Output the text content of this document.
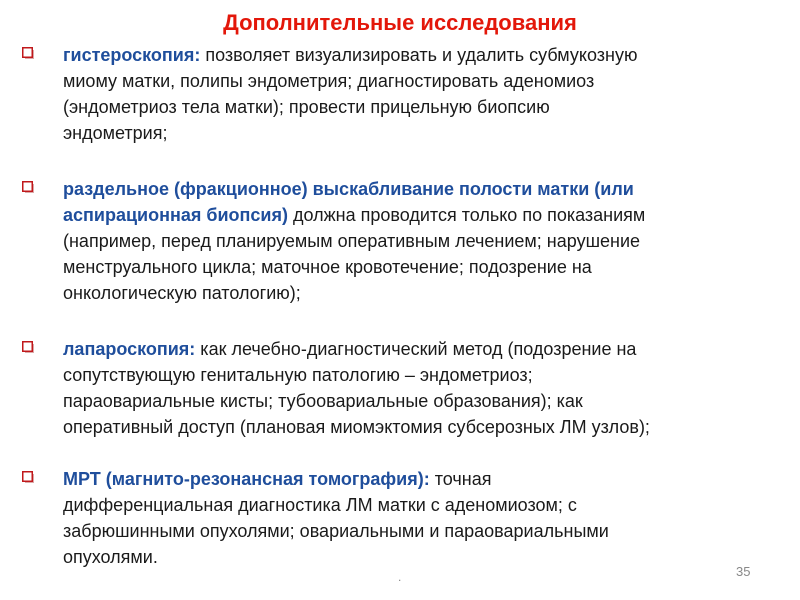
Дополнительные исследования
гистероскопия: позволяет визуализировать и удалить субмукозную
миому матки, полипы эндометрия; диагностировать аденомиоз
(эндометриоз тела матки); провести прицельную биопсию
эндометрия;
раздельное (фракционное) выскабливание полости матки (или
аспирационная биопсия) должна проводится только по показаниям
(например, перед планируемым оперативным лечением; нарушение
менструального цикла; маточное кровотечение; подозрение на
онкологическую патологию);
лапароскопия: как лечебно-диагностический метод (подозрение на
сопутствующую генитальную патологию – эндометриоз;
параовариальные кисты; тубоовариальные образования); как
оперативный доступ (плановая миомэктомия субсерозных ЛМ узлов);
МРТ (магнито-резонансная томография): точная
дифференциальная диагностика ЛМ матки с аденомиозом; с
забрюшинными опухолями; овариальными и параовариальными
опухолями.
.	35
